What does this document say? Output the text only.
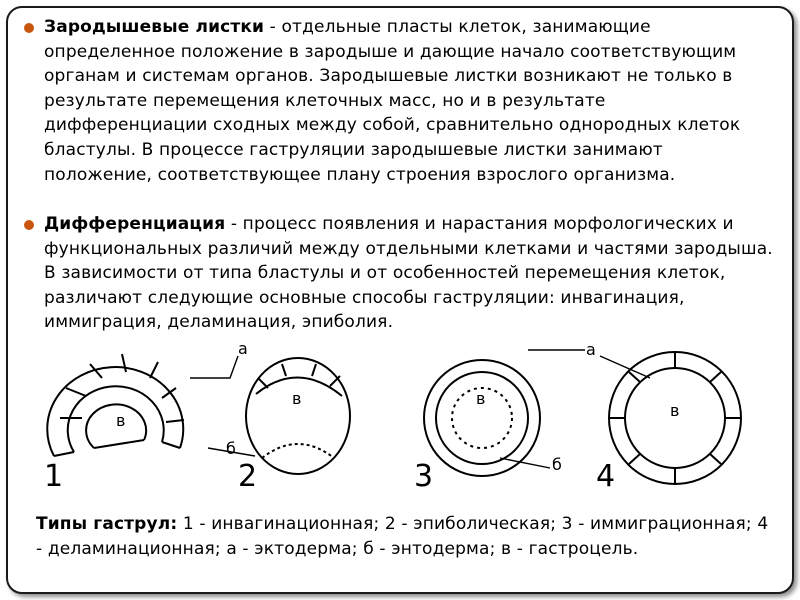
Зародышевые листки - отдельные пласты клеток, занимающие определенное положение в зародыше и дающие начало соответствующим органам и системам органов. Зародышевые листки возникают не только в результате перемещения клеточных масс, но и в результате дифференциации сходных между собой, сравнительно однородных клеток бластулы. В процессе гаструляции зародышевые листки занимают положение, соответствующее плану строения взрослого организма.
Дифференциация - процесс появления и нарастания морфологических и функциональных различий между отдельными клетками и частями зародыша. В зависимости от типа бластулы и от особенностей перемещения клеток, различают следующие основные способы гаструляции: инвагинация, иммиграция, деламинация, эпиболия.
1	2	3	4
в
в	в
в
а	а
б
б

Типы гаструл: 1 - инвагинационная; 2 - эпиболическая; 3 - иммиграционная; 4 - деламинационная; а - эктодерма; б - энтодерма; в - гастроцель.
